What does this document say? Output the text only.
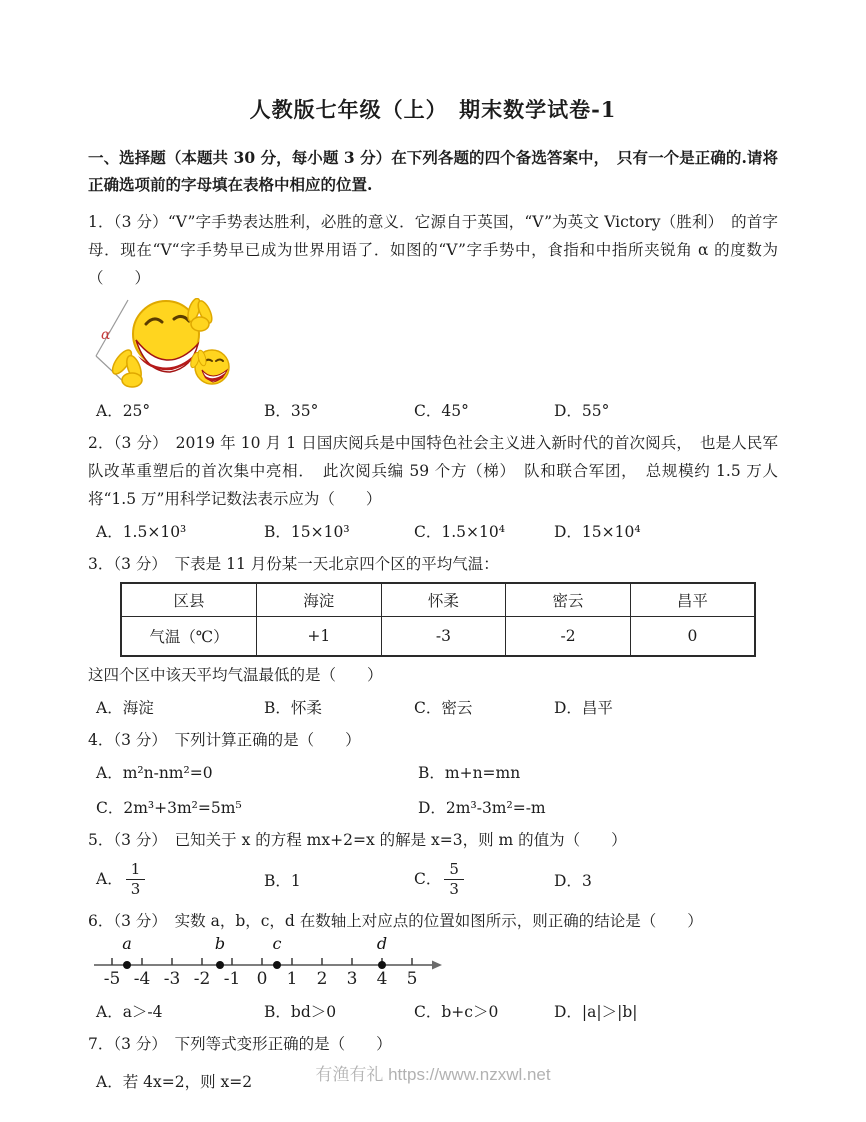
人教版七年级（上）　期末数学试卷-1

一、选择题（本题共 30 分，每小题 3 分）在下列各题的四个备选答案中，　只有一个是正确的.请将正确选项前的字母填在表格中相应的位置.

1．（3 分）“V”字手势表达胜利，必胜的意义．它源自于英国，“V”为英文 Victory（胜利）　的首字母．现在“V“字手势早已成为世界用语了．如图的“V”字手势中，食指和中指所夹锐角 α 的度数为（　　）

α
A．25°	B．35°	C．45°	D．55°

2．（3 分）　2019 年 10 月 1 日国庆阅兵是中国特色社会主义进入新时代的首次阅兵，　也是人民军队改革重塑后的首次集中亮相．　此次阅兵编 59 个方（梯）　队和联合军团，　总规模约 1.5 万人将“1.5 万”用科学记数法表示应为（　　）

A．1.5×10³	B．15×10³	C．1.5×10⁴	D．15×10⁴

3．（3 分）　下表是 11 月份某一天北京四个区的平均气温：

区县	海淀	怀柔	密云	昌平
气温（℃）	+1	-3	-2	0

这四个区中该天平均气温最低的是（　　）

A．海淀	B．怀柔	C．密云	D．昌平

4．（3 分）　下列计算正确的是（　　）

A．m²n-nm²=0	B．m+n=mn
C．2m³+3m²=5m⁵	D．2m³-3m²=-m

5．（3 分）　已知关于 x 的方程 mx+2=x 的解是 x=3，则 m 的值为（　　）

A． $\frac{1}{3}$	B．1	C． $\frac{5}{3}$	D．3

6．（3 分）　实数 a，b，c，d 在数轴上对应点的位置如图所示，则正确的结论是（　　）

-5 -4 -3 -2 -1 0 1 2 3 4 5
a	b	c	d
A．a＞-4	B．bd＞0	C．b+c＞0	D．|a|＞|b|

7．（3 分）　下列等式变形正确的是（　　）

A．若 4x=2，则 x=2	有渔有礼 https://www.nzxwl.net
